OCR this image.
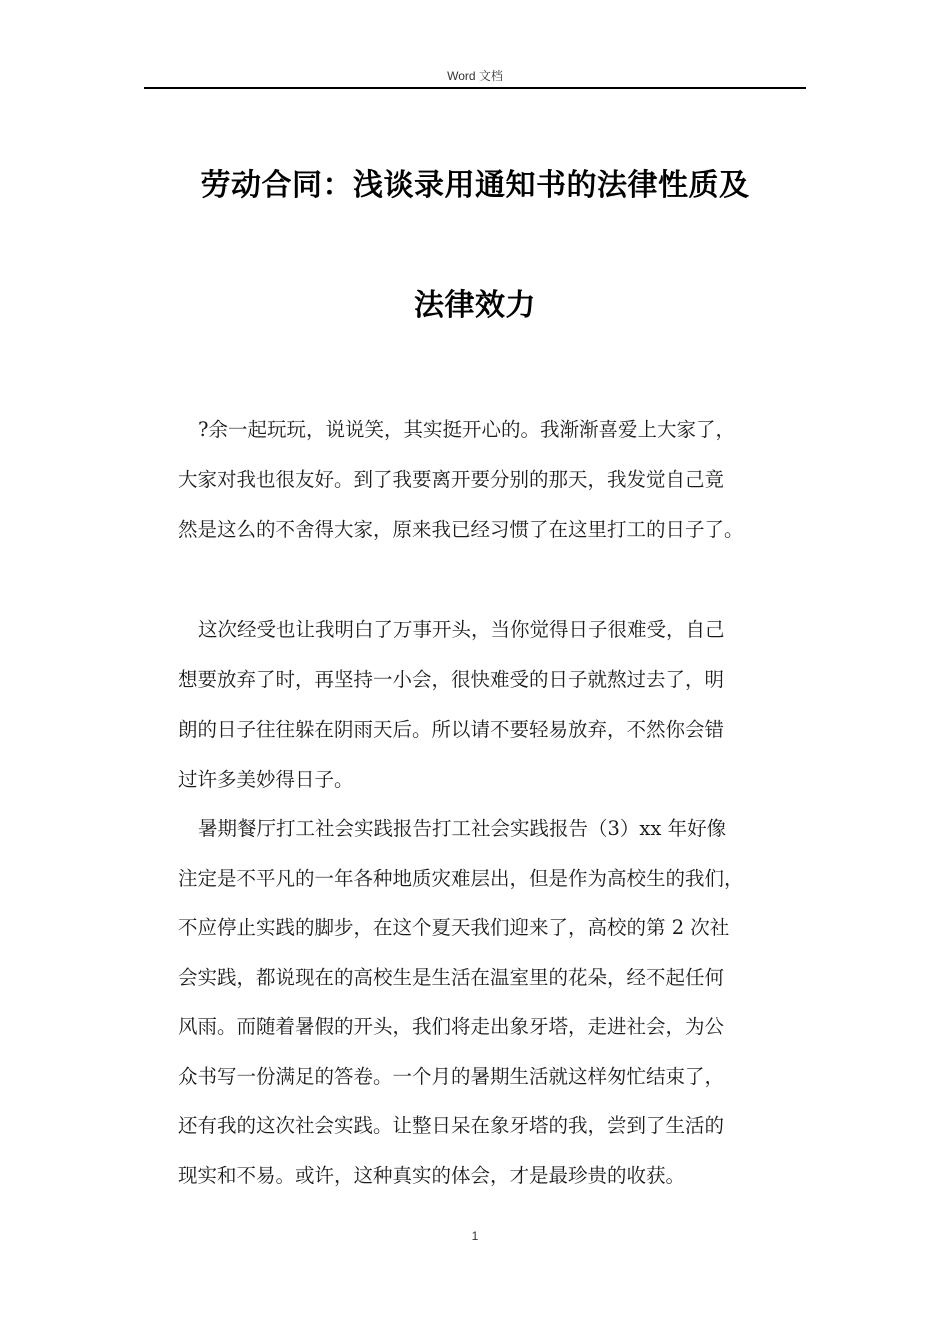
Word 文档
劳动合同：浅谈录用通知书的法律性质及
法律效力
?余一起玩玩，说说笑，其实挺开心的。我渐渐喜爱上大家了，
大家对我也很友好。到了我要离开要分别的那天，我发觉自己竟
然是这么的不舍得大家，原来我已经习惯了在这里打工的日子了。
这次经受也让我明白了万事开头，当你觉得日子很难受，自己
想要放弃了时，再坚持一小会，很快难受的日子就熬过去了，明
朗的日子往往躲在阴雨天后。所以请不要轻易放弃，不然你会错
过许多美妙得日子。
暑期餐厅打工社会实践报告打工社会实践报告（3）xx 年好像
注定是不平凡的一年各种地质灾难层出，但是作为高校生的我们，
不应停止实践的脚步，在这个夏天我们迎来了，高校的第 2 次社
会实践，都说现在的高校生是生活在温室里的花朵，经不起任何
风雨。而随着暑假的开头，我们将走出象牙塔，走进社会，为公
众书写一份满足的答卷。一个月的暑期生活就这样匆忙结束了，
还有我的这次社会实践。让整日呆在象牙塔的我，尝到了生活的
现实和不易。或许，这种真实的体会，才是最珍贵的收获。
1
